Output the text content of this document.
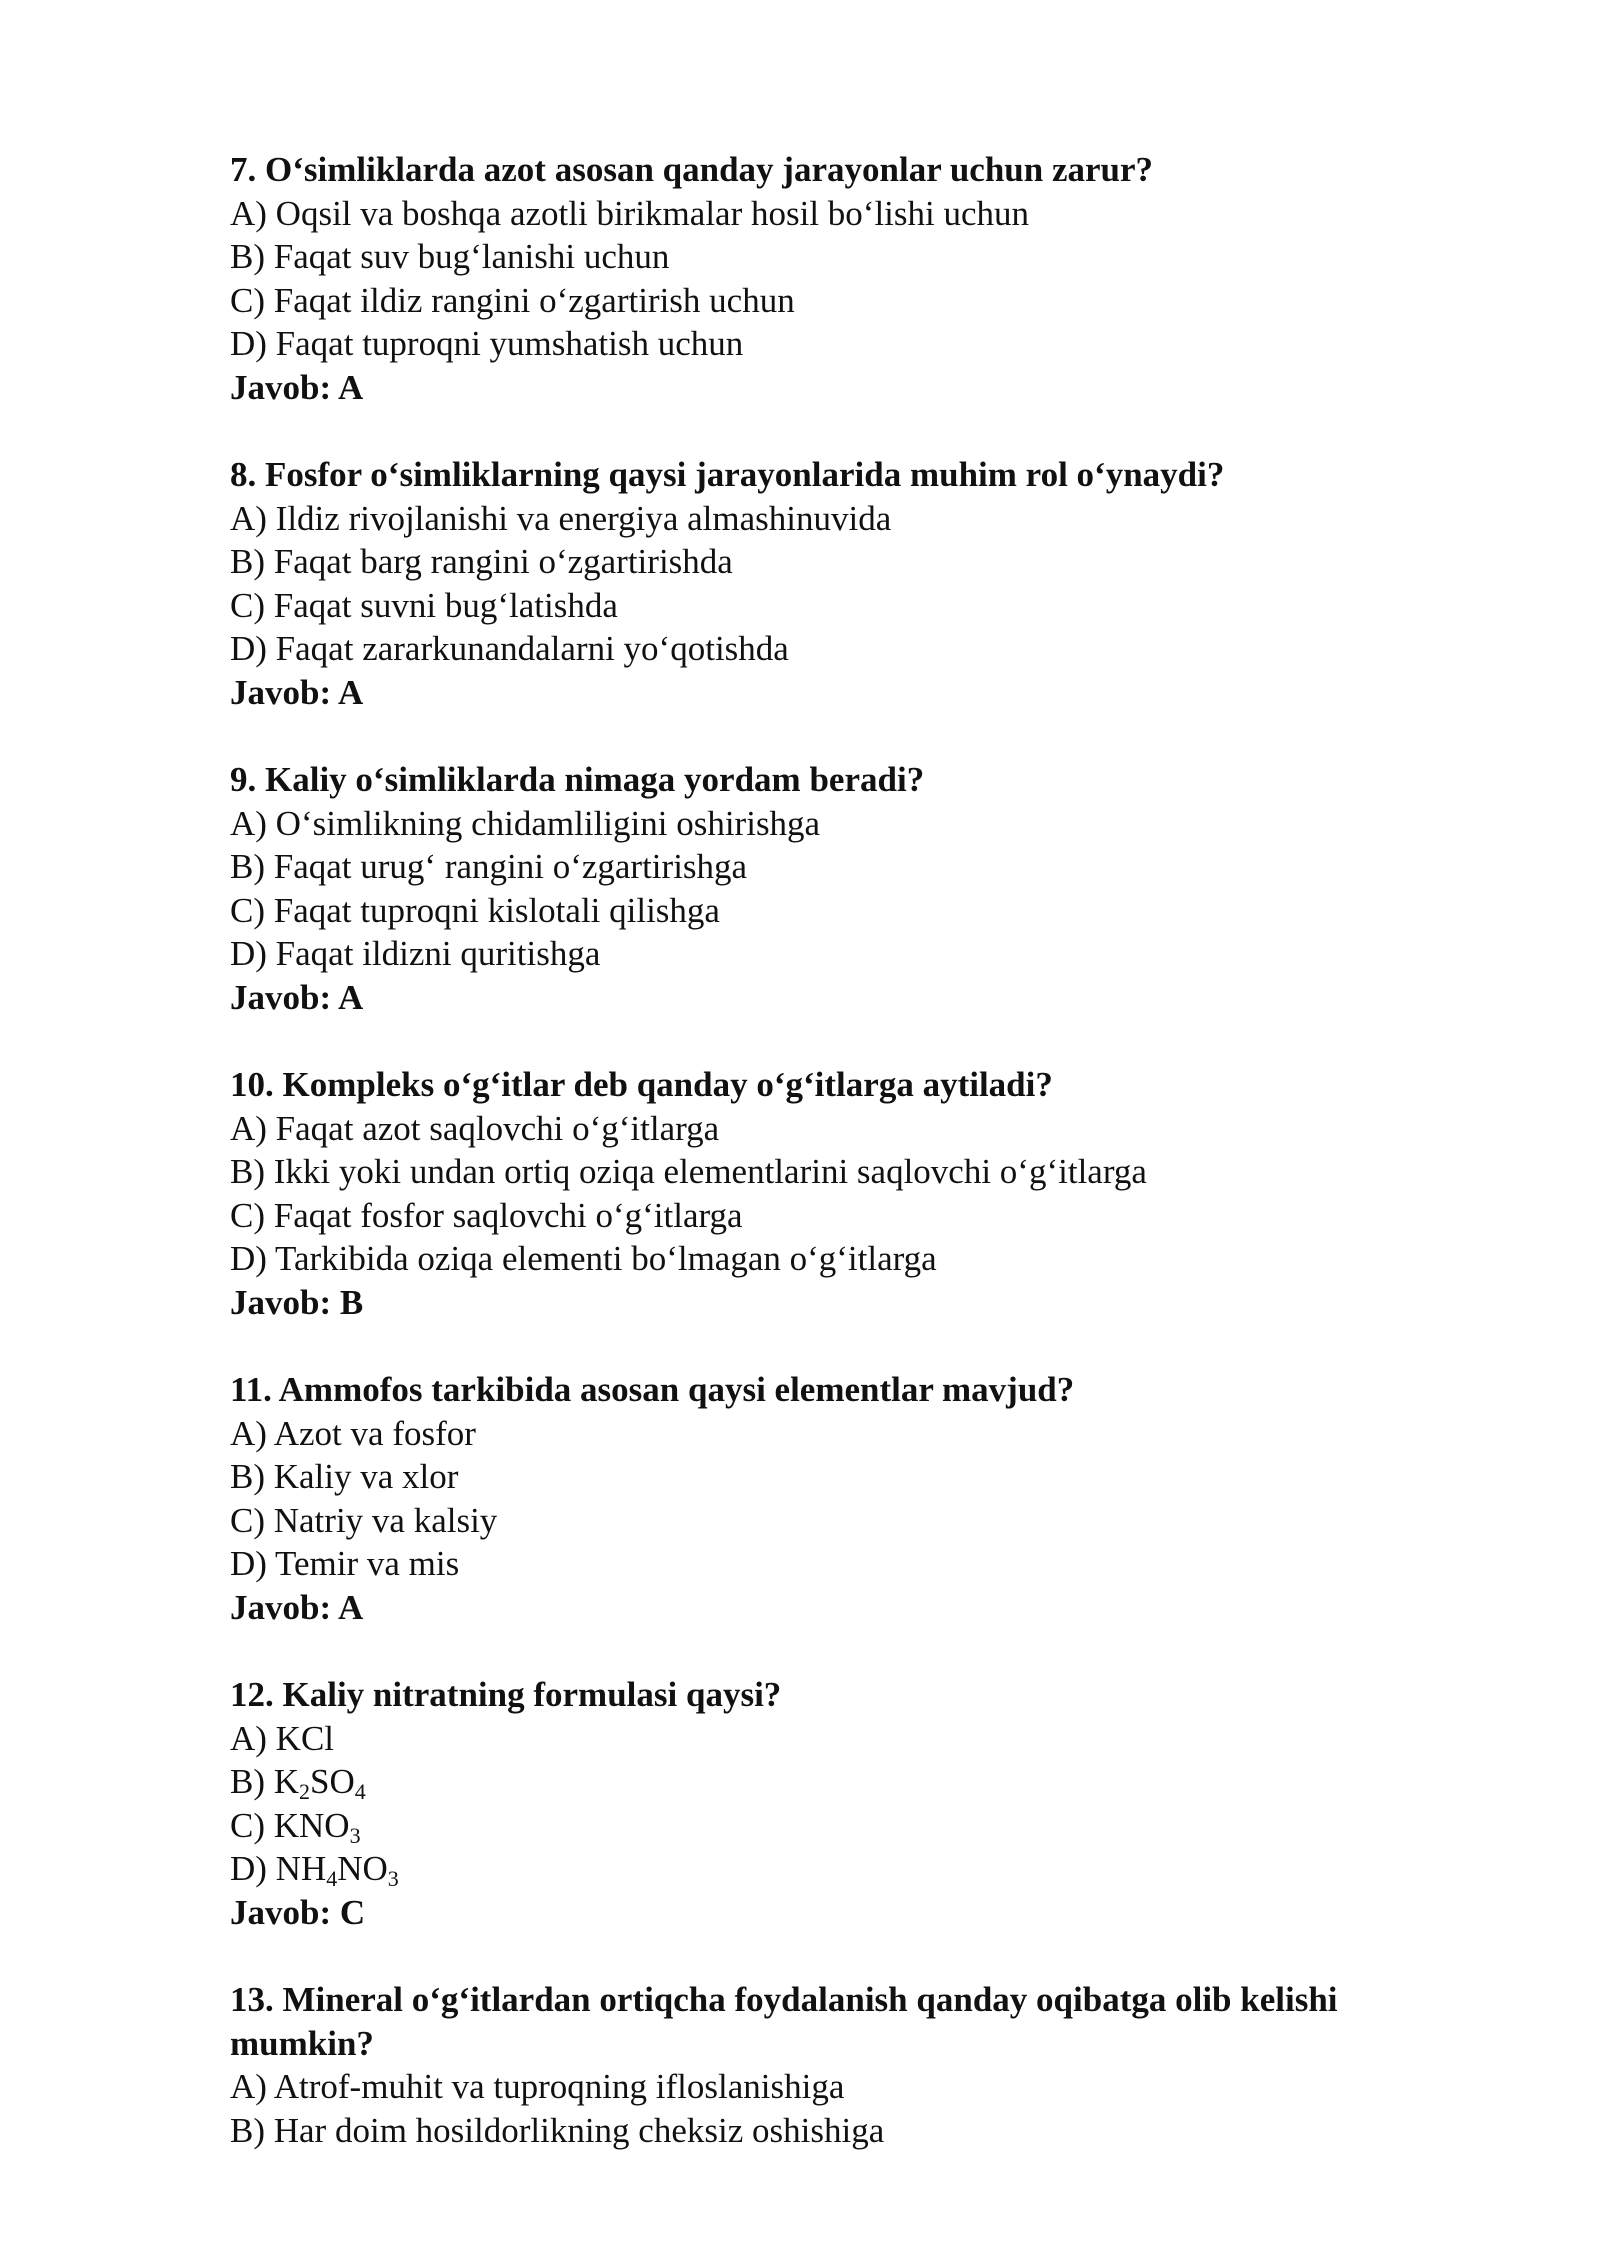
7. O‘simliklarda azot asosan qanday jarayonlar uchun zarur?
A) Oqsil va boshqa azotli birikmalar hosil bo‘lishi uchun
B) Faqat suv bug‘lanishi uchun
C) Faqat ildiz rangini o‘zgartirish uchun
D) Faqat tuproqni yumshatish uchun
Javob: A
8. Fosfor o‘simliklarning qaysi jarayonlarida muhim rol o‘ynaydi?
A) Ildiz rivojlanishi va energiya almashinuvida
B) Faqat barg rangini o‘zgartirishda
C) Faqat suvni bug‘latishda
D) Faqat zararkunandalarni yo‘qotishda
Javob: A
9. Kaliy o‘simliklarda nimaga yordam beradi?
A) O‘simlikning chidamliligini oshirishga
B) Faqat urug‘ rangini o‘zgartirishga
C) Faqat tuproqni kislotali qilishga
D) Faqat ildizni quritishga
Javob: A
10. Kompleks o‘g‘itlar deb qanday o‘g‘itlarga aytiladi?
A) Faqat azot saqlovchi o‘g‘itlarga
B) Ikki yoki undan ortiq oziqa elementlarini saqlovchi o‘g‘itlarga
C) Faqat fosfor saqlovchi o‘g‘itlarga
D) Tarkibida oziqa elementi bo‘lmagan o‘g‘itlarga
Javob: B
11. Ammofos tarkibida asosan qaysi elementlar mavjud?
A) Azot va fosfor
B) Kaliy va xlor
C) Natriy va kalsiy
D) Temir va mis
Javob: A
12. Kaliy nitratning formulasi qaysi?
A) KCl
B) $K_2SO_4$
C) $KNO_3$
D) $NH_4NO_3$
Javob: C
13. Mineral o‘g‘itlardan ortiqcha foydalanish qanday oqibatga olib kelishi mumkin?
A) Atrof-muhit va tuproqning ifloslanishiga
B) Har doim hosildorlikning cheksiz oshishiga
